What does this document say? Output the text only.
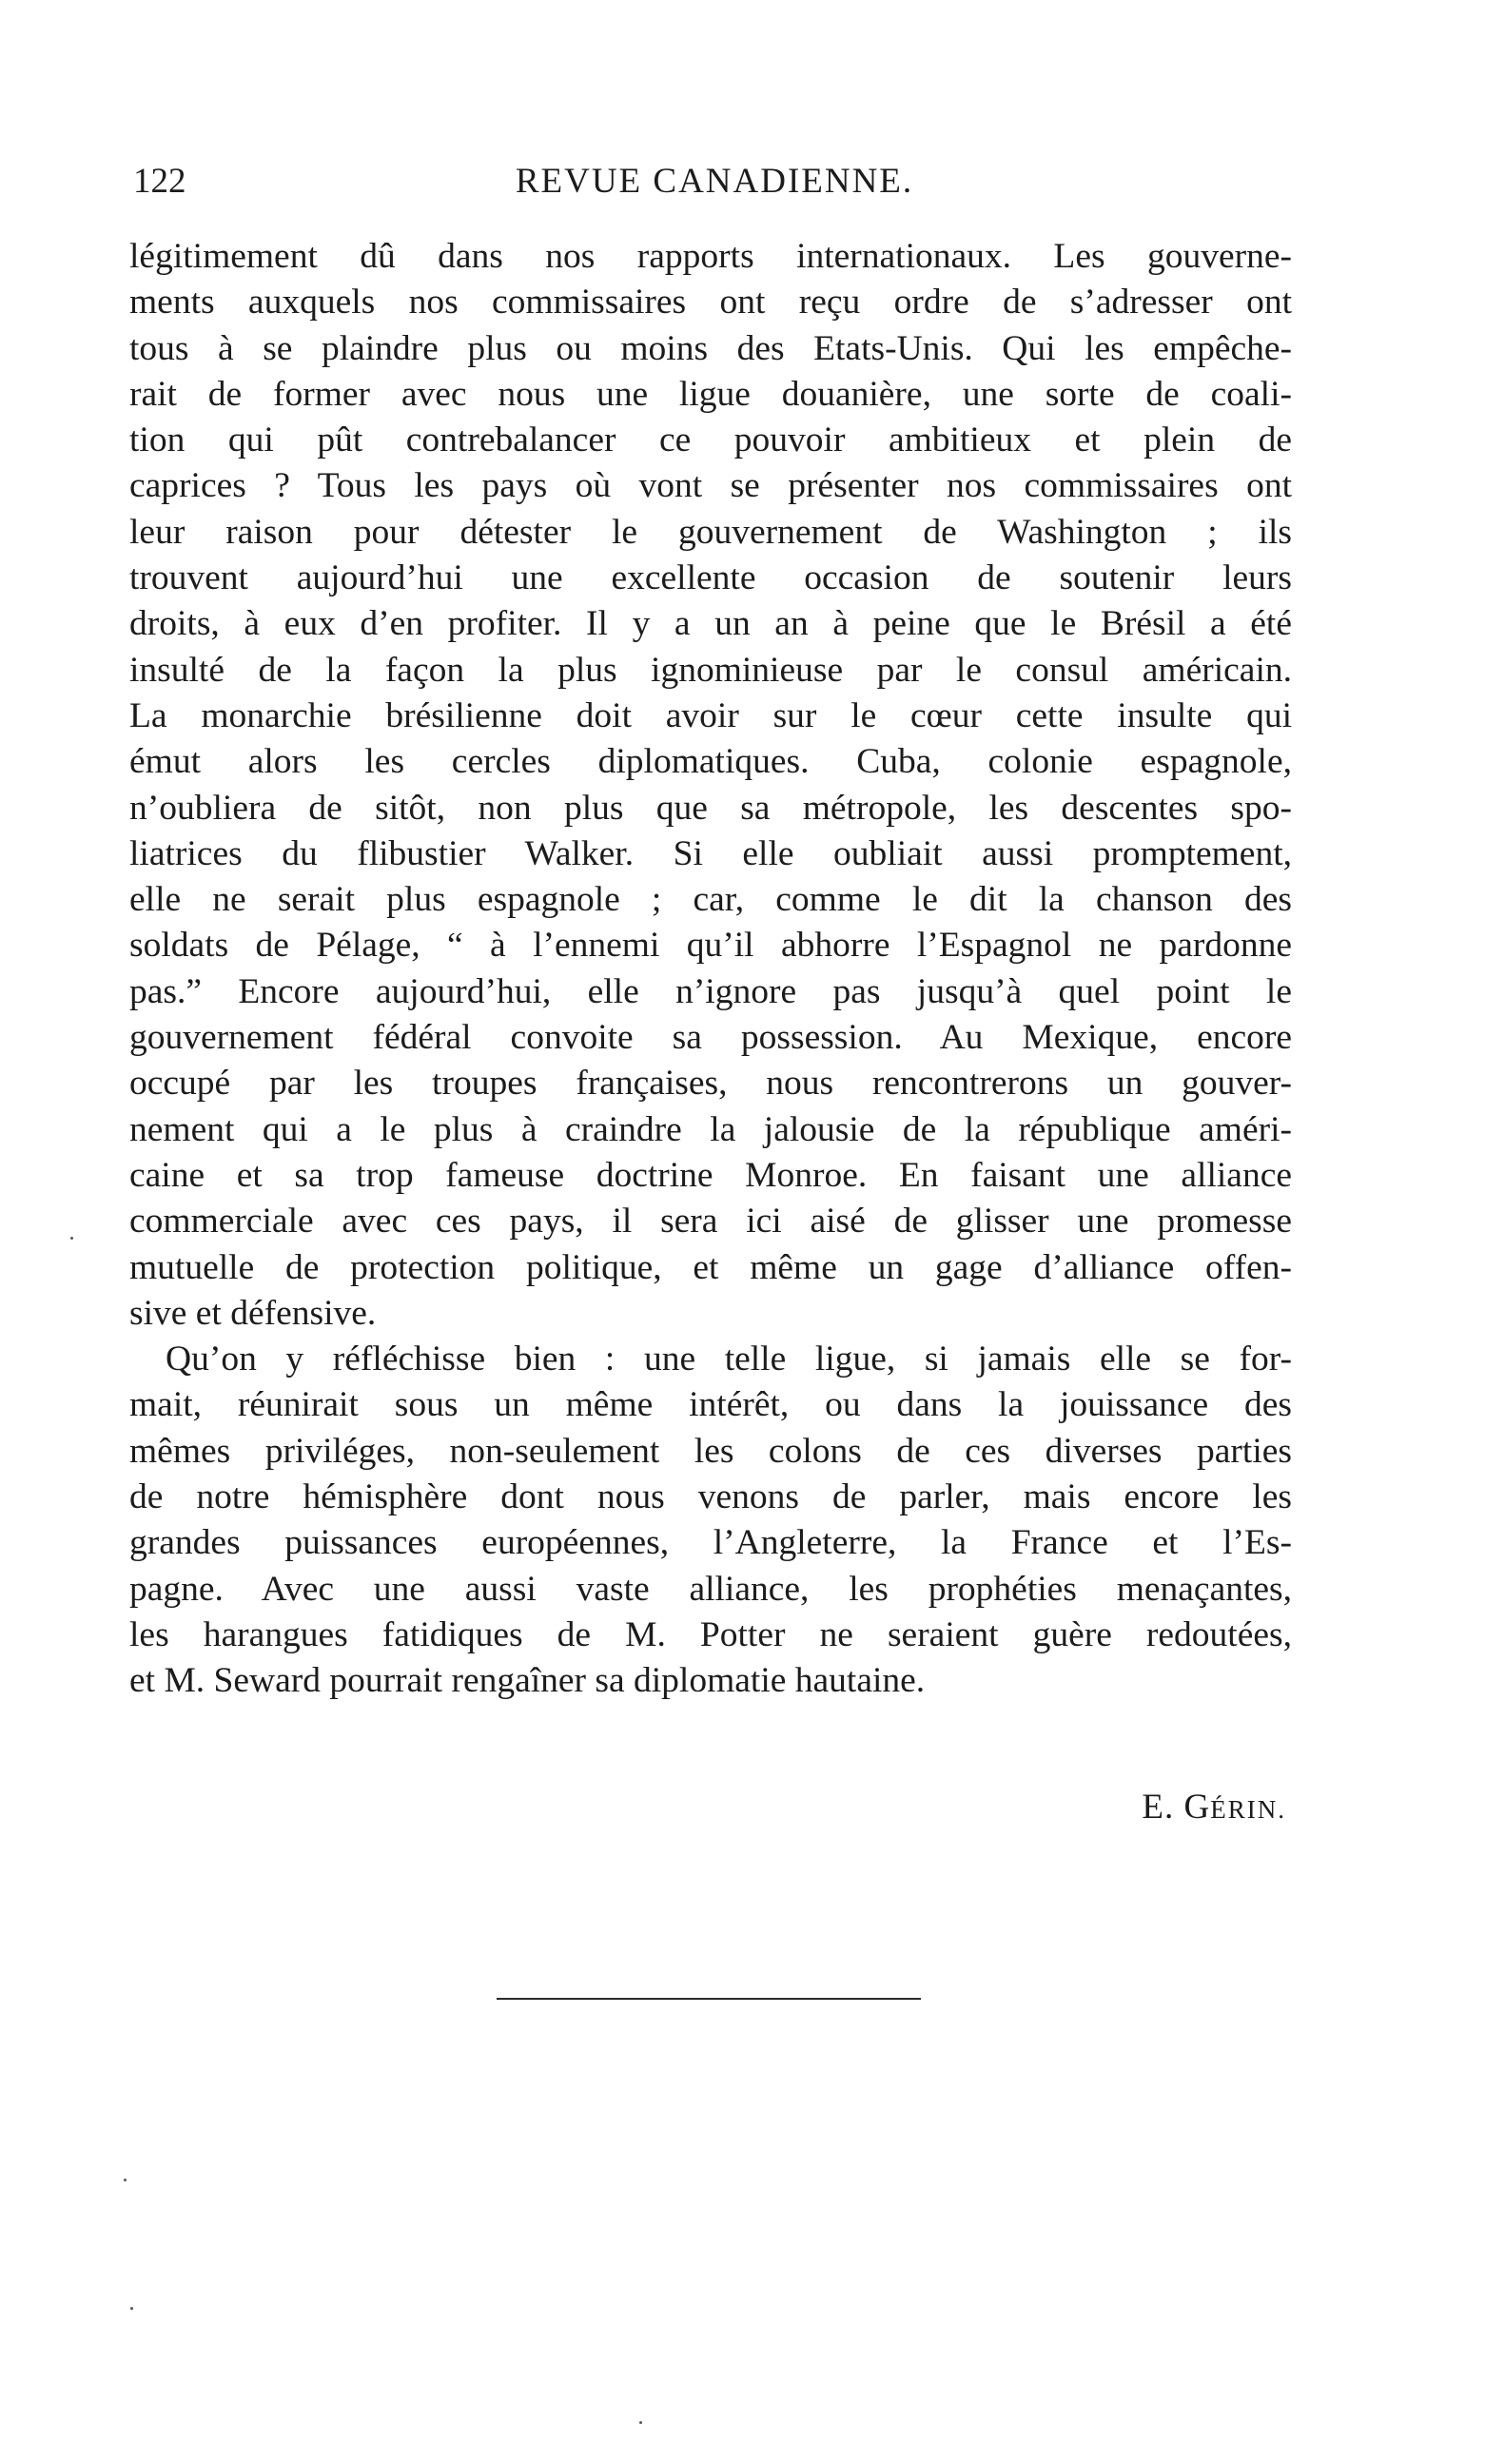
122	REVUE CANADIENNE.
légitimement dû dans nos rapports internationaux. Les gouverne-
ments auxquels nos commissaires ont reçu ordre de s’adresser ont
tous à se plaindre plus ou moins des Etats-Unis. Qui les empêche-
rait de former avec nous une ligue douanière, une sorte de coali-
tion qui pût contrebalancer ce pouvoir ambitieux et plein de
caprices ? Tous les pays où vont se présenter nos commissaires ont
leur raison pour détester le gouvernement de Washington ; ils
trouvent aujourd’hui une excellente occasion de soutenir leurs
droits, à eux d’en profiter. Il y a un an à peine que le Brésil a été
insulté de la façon la plus ignominieuse par le consul américain.
La monarchie brésilienne doit avoir sur le cœur cette insulte qui
émut alors les cercles diplomatiques. Cuba, colonie espagnole,
n’oubliera de sitôt, non plus que sa métropole, les descentes spo-
liatrices du flibustier Walker. Si elle oubliait aussi promptement,
elle ne serait plus espagnole ; car, comme le dit la chanson des
soldats de Pélage, “ à l’ennemi qu’il abhorre l’Espagnol ne pardonne
pas.” Encore aujourd’hui, elle n’ignore pas jusqu’à quel point le
gouvernement fédéral convoite sa possession. Au Mexique, encore
occupé par les troupes françaises, nous rencontrerons un gouver-
nement qui a le plus à craindre la jalousie de la république améri-
caine et sa trop fameuse doctrine Monroe. En faisant une alliance
commerciale avec ces pays, il sera ici aisé de glisser une promesse
mutuelle de protection politique, et même un gage d’alliance offen-
sive et défensive.
Qu’on y réfléchisse bien : une telle ligue, si jamais elle se for-
mait, réunirait sous un même intérêt, ou dans la jouissance des
mêmes priviléges, non-seulement les colons de ces diverses parties
de notre hémisphère dont nous venons de parler, mais encore les
grandes puissances européennes, l’Angleterre, la France et l’Es-
pagne. Avec une aussi vaste alliance, les prophéties menaçantes,
les harangues fatidiques de M. Potter ne seraient guère redoutées,
et M. Seward pourrait rengaîner sa diplomatie hautaine.
E. GÉRIN.
